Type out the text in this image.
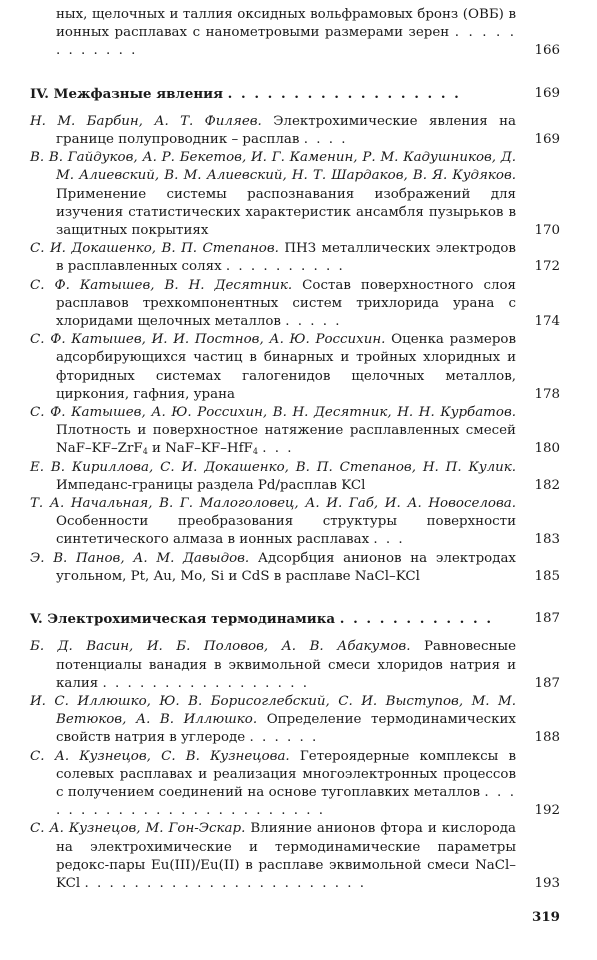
ных, щелочных и таллия оксидных вольфрамовых бронз (ОВБ) в ионных расплавах с нанометровыми размерами зерен . . . . . . . . . . . .	166
IV. Межфазные явления . . . . . . . . . . . . . . . . . .	169
Н. М. Барбин, А. Т. Филяев. Электрохимические явления на границе полупроводник – расплав . . . .	169
В. В. Гайдуков, А. Р. Бекетов, И. Г. Каменин, Р. М. Кадушников, Д. М. Алиевский, В. М. Алиевский, Н. Т. Шардаков, В. Я. Кудяков. Применение системы распознавания изображений для изучения статистических характеристик ансамбля пузырьков в защитных покрытиях	170
С. И. Докашенко, В. П. Степанов. ПНЗ металлических электродов в расплавленных солях . . . . . . . . . .	172
С. Ф. Катышев, В. Н. Десятник. Состав поверхностного слоя расплавов трехкомпонентных систем трихлорида урана с хлоридами щелочных металлов . . . . .	174
С. Ф. Катышев, И. И. Постнов, А. Ю. Россихин. Оценка размеров адсорбирующихся частиц в бинарных и тройных хлоридных и фторидных системах галогенидов щелочных металлов, циркония, гафния, урана	178
С. Ф. Катышев, А. Ю. Россихин, В. Н. Десятник, Н. Н. Курбатов. Плотность и поверхностное натяжение расплавленных смесей NaF–KF–ZrF$_4$ и NaF–KF–HfF$_4$ . . .	180
Е. В. Кириллова, С. И. Докашенко, В. П. Степанов, Н. П. Кулик. Импеданс-границы раздела Pd/расплав KCl	182
Т. А. Начальная, В. Г. Малоголовец, А. И. Габ, И. А. Новоселова. Особенности преобразования структуры поверхности синтетического алмаза в ионных расплавах . . .	183
Э. В. Панов, А. М. Давыдов. Адсорбция анионов на электродах угольном, Pt, Au, Mo, Si и CdS в расплаве NaCl–KCl	185
V. Электрохимическая термодинамика . . . . . . . . . . . .	187
Б. Д. Васин, И. Б. Половов, А. В. Абакумов. Равновесные потенциалы ванадия в эквимольной смеси хлоридов натрия и калия . . . . . . . . . . . . . . . . .	187
И. С. Иллюшко, Ю. В. Борисоглебский, С. И. Выступов, М. М. Ветюков, А. В. Иллюшко. Определение термодинамических свойств натрия в углероде . . . . . .	188
С. А. Кузнецов, С. В. Кузнецова. Гетероядерные комплексы в солевых расплавах и реализация многоэлектронных процессов с получением соединений на основе тугоплавких металлов . . . . . . . . . . . . . . . . . . . . . . . . .	192
С. А. Кузнецов, М. Гон-Эскар. Влияние анионов фтора и кислорода на электрохимические и термодинамические параметры редокс-пары Eu(III)/Eu(II) в расплаве эквимольной смеси NaCl–KCl . . . . . . . . . . . . . . . . . . . . . . .	193
319
